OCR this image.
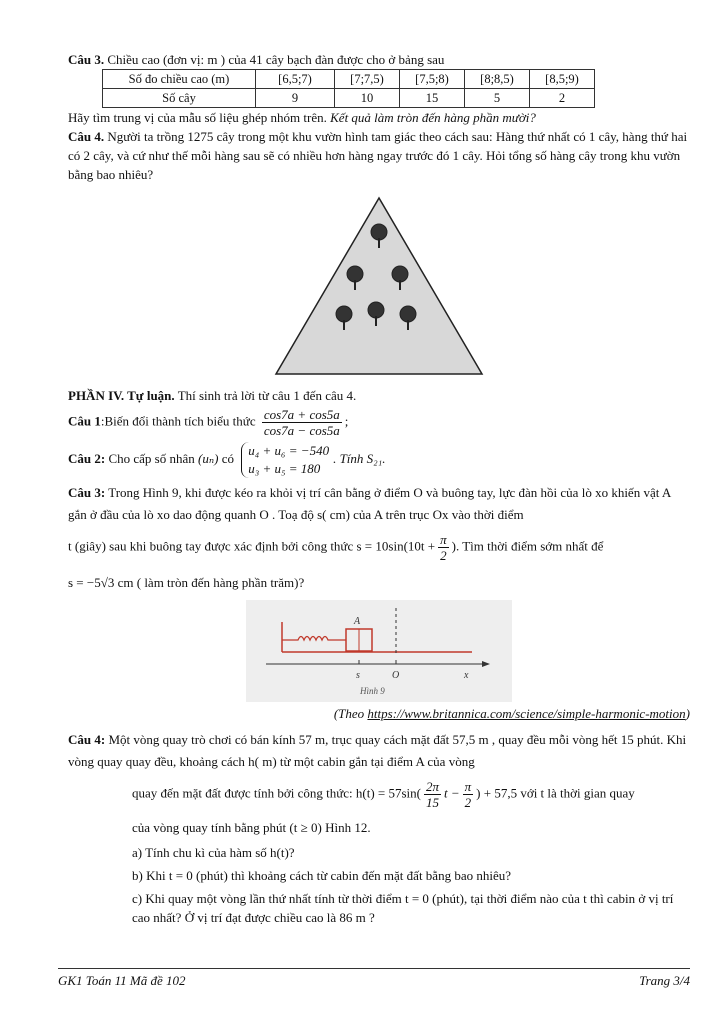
Câu 3. Chiều cao (đơn vị: m ) của 41 cây bạch đàn được cho ở bảng sau

Số đo chiều cao (m)	[6,5;7)	[7;7,5)	[7,5;8)	[8;8,5)	[8,5;9)
Số cây	9	10	15	5	2

Hãy tìm trung vị của mẫu số liệu ghép nhóm trên. Kết quả làm tròn đến hàng phần mười?

Câu 4. Người ta trồng 1275 cây trong một khu vườn hình tam giác theo cách sau: Hàng thứ nhất có 1 cây, hàng thứ hai có 2 cây, và cứ như thế mỗi hàng sau sẽ có nhiều hơn hàng ngay trước đó 1 cây. Hỏi tổng số hàng cây trong khu vườn bằng bao nhiêu?

PHẦN IV. Tự luận. Thí sinh trả lời từ câu 1 đến câu 4.

Câu 1:Biến đổi thành tích biểu thức $\frac{\cos 7a + \cos 5a}{\cos 7a - \cos 5a}$ ;

Câu 2: Cho cấp số nhân (uₙ) có
u₄ + u₆ = −540
u₃ + u₅ = 180
. Tính S₂₁.

Câu 3: Trong Hình 9, khi được kéo ra khỏi vị trí cân bằng ở điểm O và buông tay, lực đàn hồi của lò xo khiến vật A gắn ở đầu của lò xo dao động quanh O . Toạ độ s( cm) của A trên trục Ox vào thời điểm

t (giây) sau khi buông tay được xác định bởi công thức $s = 10\sin(10t + \frac{\pi}{2}$ ). Tìm thời điểm sớm nhất để

s = −5√3 cm ( làm tròn đến hàng phần trăm)?

A
s	O	x
Hình 9

(Theo https://www.britannica.com/science/simple-harmonic-motion)

Câu 4: Một vòng quay trò chơi có bán kính 57 m, trục quay cách mặt đất 57,5 m , quay đều mỗi vòng hết 15 phút. Khi vòng quay quay đều, khoảng cách h( m) từ một cabin gắn tại điểm A của vòng

quay đến mặt đất được tính bởi công thức: $h(t) = 57\sin( \frac{2\pi}{15}$ $t - \frac{\pi}{2}$ ) + 57,5 với t là thời gian quay

của vòng quay tính bằng phút (t ≥ 0) Hình 12.

a) Tính chu kì của hàm số h(t)?

b) Khi t = 0 (phút) thì khoảng cách từ cabin đến mặt đất bằng bao nhiêu?

c) Khi quay một vòng lần thứ nhất tính từ thời điểm t = 0 (phút), tại thời điểm nào của t thì cabin ở vị trí cao nhất? Ở vị trí đạt được chiều cao là 86 m ?

GK1 Toán 11 Mã đề 102	Trang 3/4
